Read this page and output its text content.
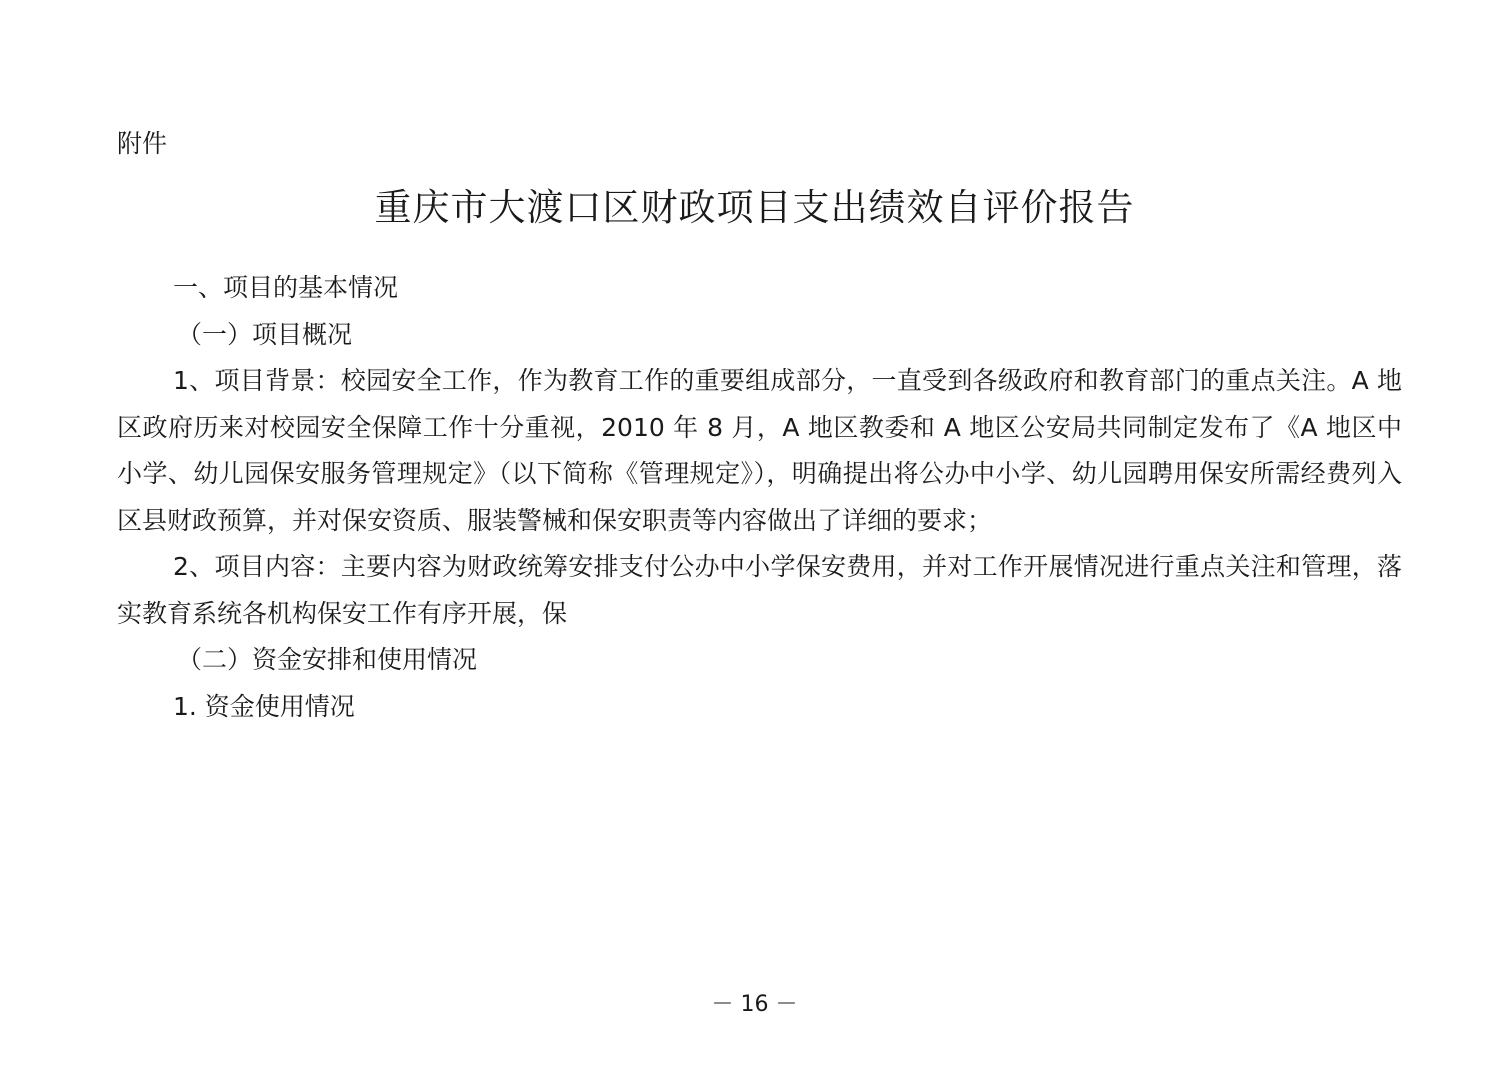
附件
重庆市大渡口区财政项目支出绩效自评价报告

一、项目的基本情况

（一）项目概况

1、项目背景：校园安全工作，作为教育工作的重要组成部分，一直受到各级政府和教育部门的重点关注。A 地区政府历来对校园安全保障工作十分重视，2010 年 8 月，A 地区教委和 A 地区公安局共同制定发布了《A 地区中小学、幼儿园保安服务管理规定》（以下简称《管理规定》），明确提出将公办中小学、幼儿园聘用保安所需经费列入区县财政预算，并对保安资质、服装警械和保安职责等内容做出了详细的要求；

2、项目内容：主要内容为财政统筹安排支付公办中小学保安费用，并对工作开展情况进行重点关注和管理，落实教育系统各机构保安工作有序开展，保

（二）资金安排和使用情况

1. 资金使用情况

－ 16 －
